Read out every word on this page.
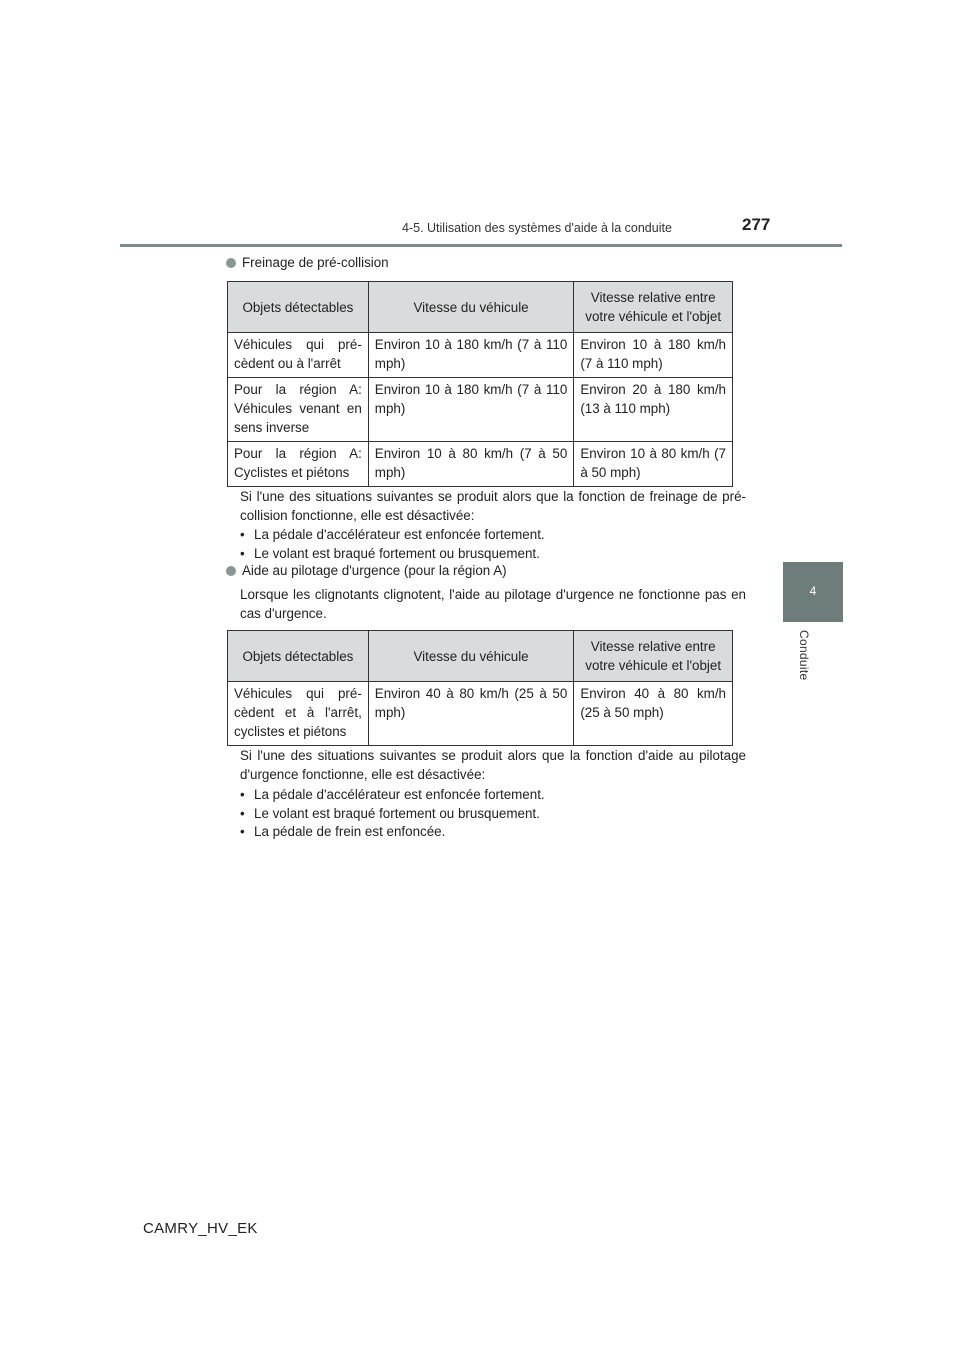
4-5. Utilisation des systèmes d'aide à la conduite	277
4
Conduite
Freinage de pré-collision
Objets détectables	Vitesse du véhicule	Vitesse relative entre votre véhicule et l'objet
Véhicules qui pré-cèdent ou à l'arrêt	Environ 10 à 180 km/h (7 à 110 mph)	Environ 10 à 180 km/h (7 à 110 mph)
Pour la région A: Véhicules venant en sens inverse	Environ 10 à 180 km/h (7 à 110 mph)	Environ 20 à 180 km/h (13 à 110 mph)
Pour la région A: Cyclistes et piétons	Environ 10 à 80 km/h (7 à 50 mph)	Environ 10 à 80 km/h (7 à 50 mph)
Si l'une des situations suivantes se produit alors que la fonction de freinage de pré-collision fonctionne, elle est désactivée:
• La pédale d'accélérateur est enfoncée fortement.
• Le volant est braqué fortement ou brusquement.
Aide au pilotage d'urgence (pour la région A)
Lorsque les clignotants clignotent, l'aide au pilotage d'urgence ne fonctionne pas en cas d'urgence.
Objets détectables	Vitesse du véhicule	Vitesse relative entre votre véhicule et l'objet
Véhicules qui pré-cèdent et à l'arrêt, cyclistes et piétons	Environ 40 à 80 km/h (25 à 50 mph)	Environ 40 à 80 km/h (25 à 50 mph)
Si l'une des situations suivantes se produit alors que la fonction d'aide au pilotage d'urgence fonctionne, elle est désactivée:
• La pédale d'accélérateur est enfoncée fortement.
• Le volant est braqué fortement ou brusquement.
• La pédale de frein est enfoncée.
CAMRY_HV_EK
